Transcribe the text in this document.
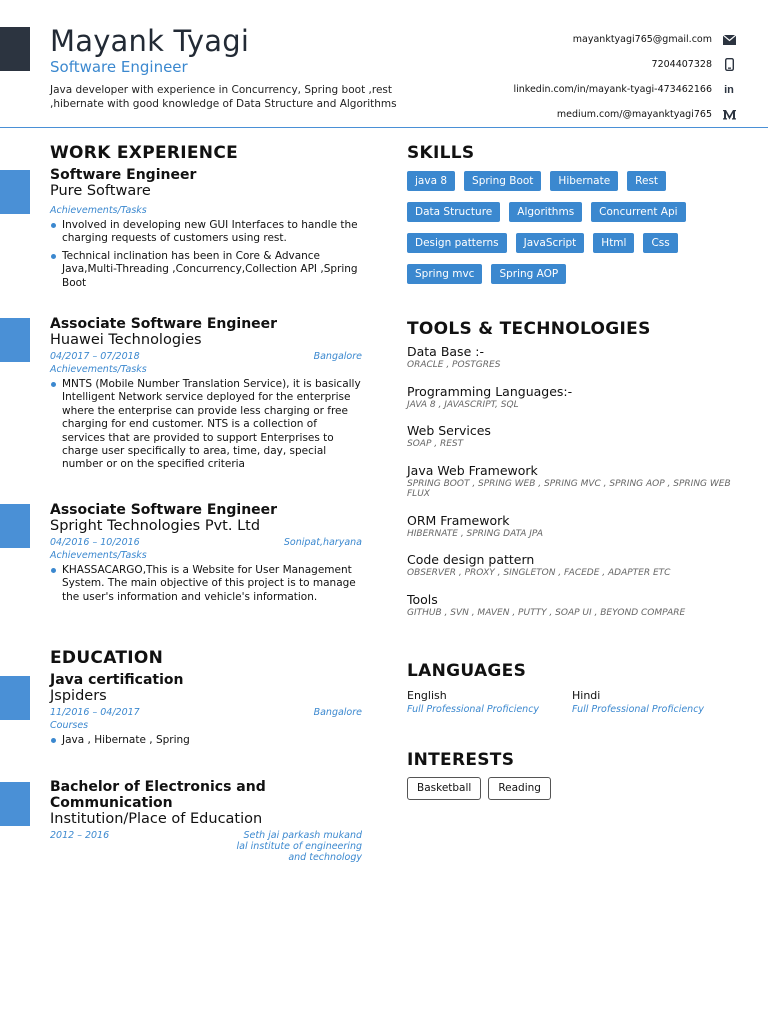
Mayank Tyagi
Software Engineer
Java developer with experience in Concurrency, Spring boot ,rest ,hibernate with good knowledge of Data Structure and Algorithms
mayanktyagi765@gmail.com
7204407328
linkedin.com/in/mayank-tyagi-473462166 in
medium.com/@mayanktyagi765
WORK EXPERIENCE
Software Engineer
Pure Software
Achievements/Tasks
Involved in developing new GUI Interfaces to handle the charging requests of customers using rest.
Technical inclination has been in Core & Advance Java,Multi-Threading ,Concurrency,Collection API ,Spring Boot
Associate Software Engineer
Huawei Technologies
04/2017 – 07/2018	Bangalore
Achievements/Tasks
MNTS (Mobile Number Translation Service), it is basically Intelligent Network service deployed for the enterprise where the enterprise can provide less charging or free charging for end customer. NTS is a collection of services that are provided to support Enterprises to charge user specifically to area, time, day, special number or on the specified criteria
Associate Software Engineer
Spright Technologies Pvt. Ltd
04/2016 – 10/2016	Sonipat,haryana
Achievements/Tasks
KHASSACARGO,This is a Website for User Management System. The main objective of this project is to manage the user's information and vehicle's information.
EDUCATION
Java certification
Jspiders
11/2016 – 04/2017	Bangalore
Courses
Java , Hibernate , Spring
Bachelor of Electronics and Communication
Institution/Place of Education
2012 – 2016	Seth jai parkash mukand lal institute of engineering and technology
SKILLS
java 8	Spring Boot	Hibernate	Rest
Data Structure	Algorithms	Concurrent Api
Design patterns	JavaScript	Html	Css
Spring mvc	Spring AOP
TOOLS & TECHNOLOGIES
Data Base :-
ORACLE , POSTGRES
Programming Languages:-
JAVA 8 , JAVASCRIPT, SQL
Web Services
SOAP , REST
Java Web Framework
SPRING BOOT , SPRING WEB , SPRING MVC , SPRING AOP , SPRING WEB FLUX
ORM Framework
HIBERNATE , SPRING DATA JPA
Code design pattern
OBSERVER , PROXY , SINGLETON , FACEDE , ADAPTER ETC
Tools
GITHUB , SVN , MAVEN , PUTTY , SOAP UI , BEYOND COMPARE
LANGUAGES
English
Full Professional Proficiency
Hindi
Full Professional Proficiency
INTERESTS
Basketball	Reading
